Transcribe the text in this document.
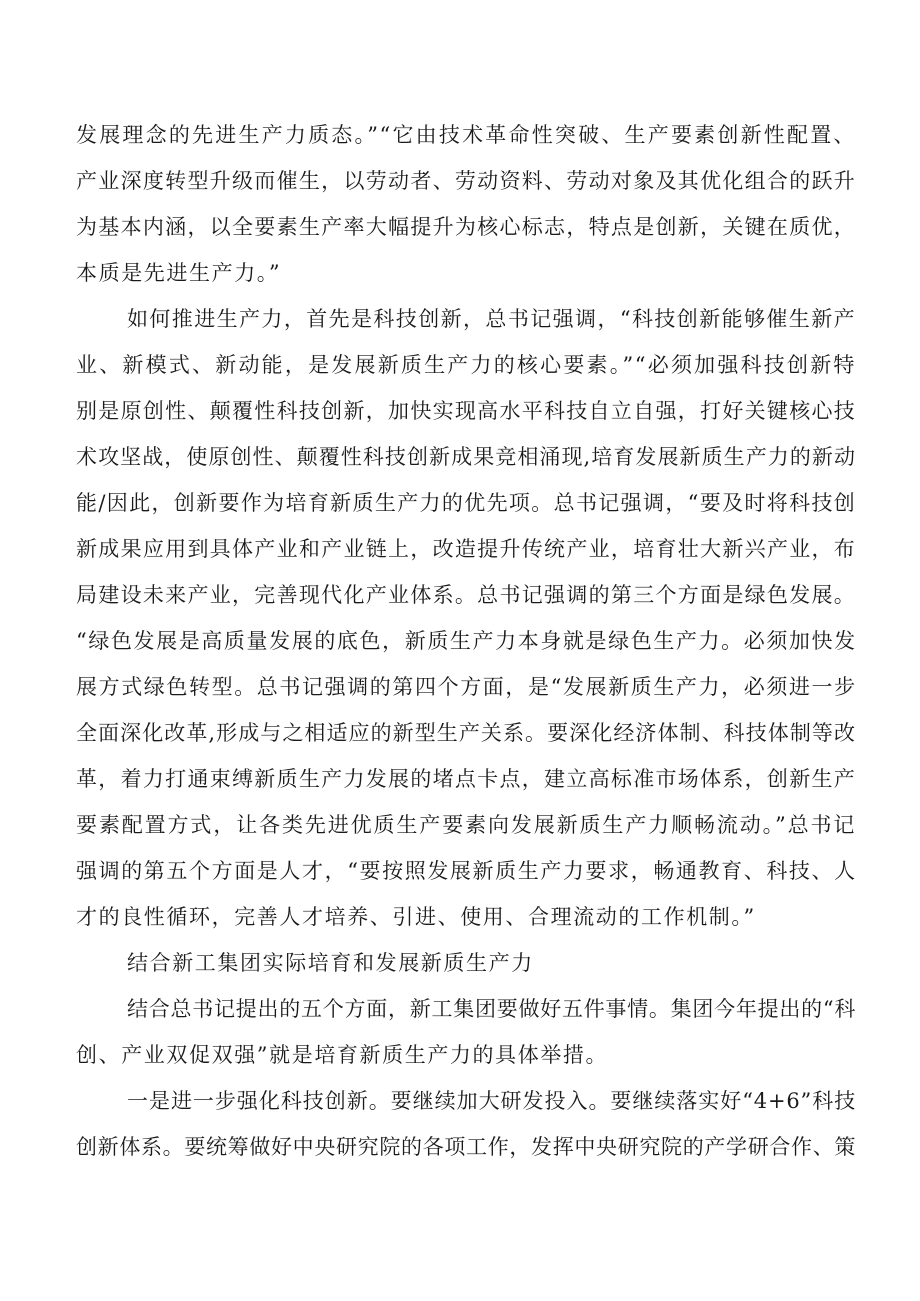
发展理念的先进生产力质态。”“它由技术革命性突破、生产要素创新性配置、
产业深度转型升级而催生，以劳动者、劳动资料、劳动对象及其优化组合的跃升
为基本内涵，以全要素生产率大幅提升为核心标志，特点是创新，关键在质优，
本质是先进生产力。”
如何推进生产力，首先是科技创新，总书记强调，“科技创新能够催生新产
业、新模式、新动能，是发展新质生产力的核心要素。”“必须加强科技创新特
别是原创性、颠覆性科技创新，加快实现高水平科技自立自强，打好关键核心技
术攻坚战，使原创性、颠覆性科技创新成果竞相涌现,培育发展新质生产力的新动
能/因此，创新要作为培育新质生产力的优先项。总书记强调，“要及时将科技创
新成果应用到具体产业和产业链上，改造提升传统产业，培育壮大新兴产业，布
局建设未来产业，完善现代化产业体系。总书记强调的第三个方面是绿色发展。
“绿色发展是高质量发展的底色，新质生产力本身就是绿色生产力。必须加快发
展方式绿色转型。总书记强调的第四个方面，是“发展新质生产力，必须进一步
全面深化改革,形成与之相适应的新型生产关系。要深化经济体制、科技体制等改
革，着力打通束缚新质生产力发展的堵点卡点，建立高标准市场体系，创新生产
要素配置方式，让各类先进优质生产要素向发展新质生产力顺畅流动。”总书记
强调的第五个方面是人才，“要按照发展新质生产力要求，畅通教育、科技、人
才的良性循环，完善人才培养、引进、使用、合理流动的工作机制。”
结合新工集团实际培育和发展新质生产力
结合总书记提出的五个方面，新工集团要做好五件事情。集团今年提出的“科
创、产业双促双强”就是培育新质生产力的具体举措。
一是进一步强化科技创新。要继续加大研发投入。要继续落实好“4+6”科技
创新体系。要统筹做好中央研究院的各项工作，发挥中央研究院的产学研合作、策
